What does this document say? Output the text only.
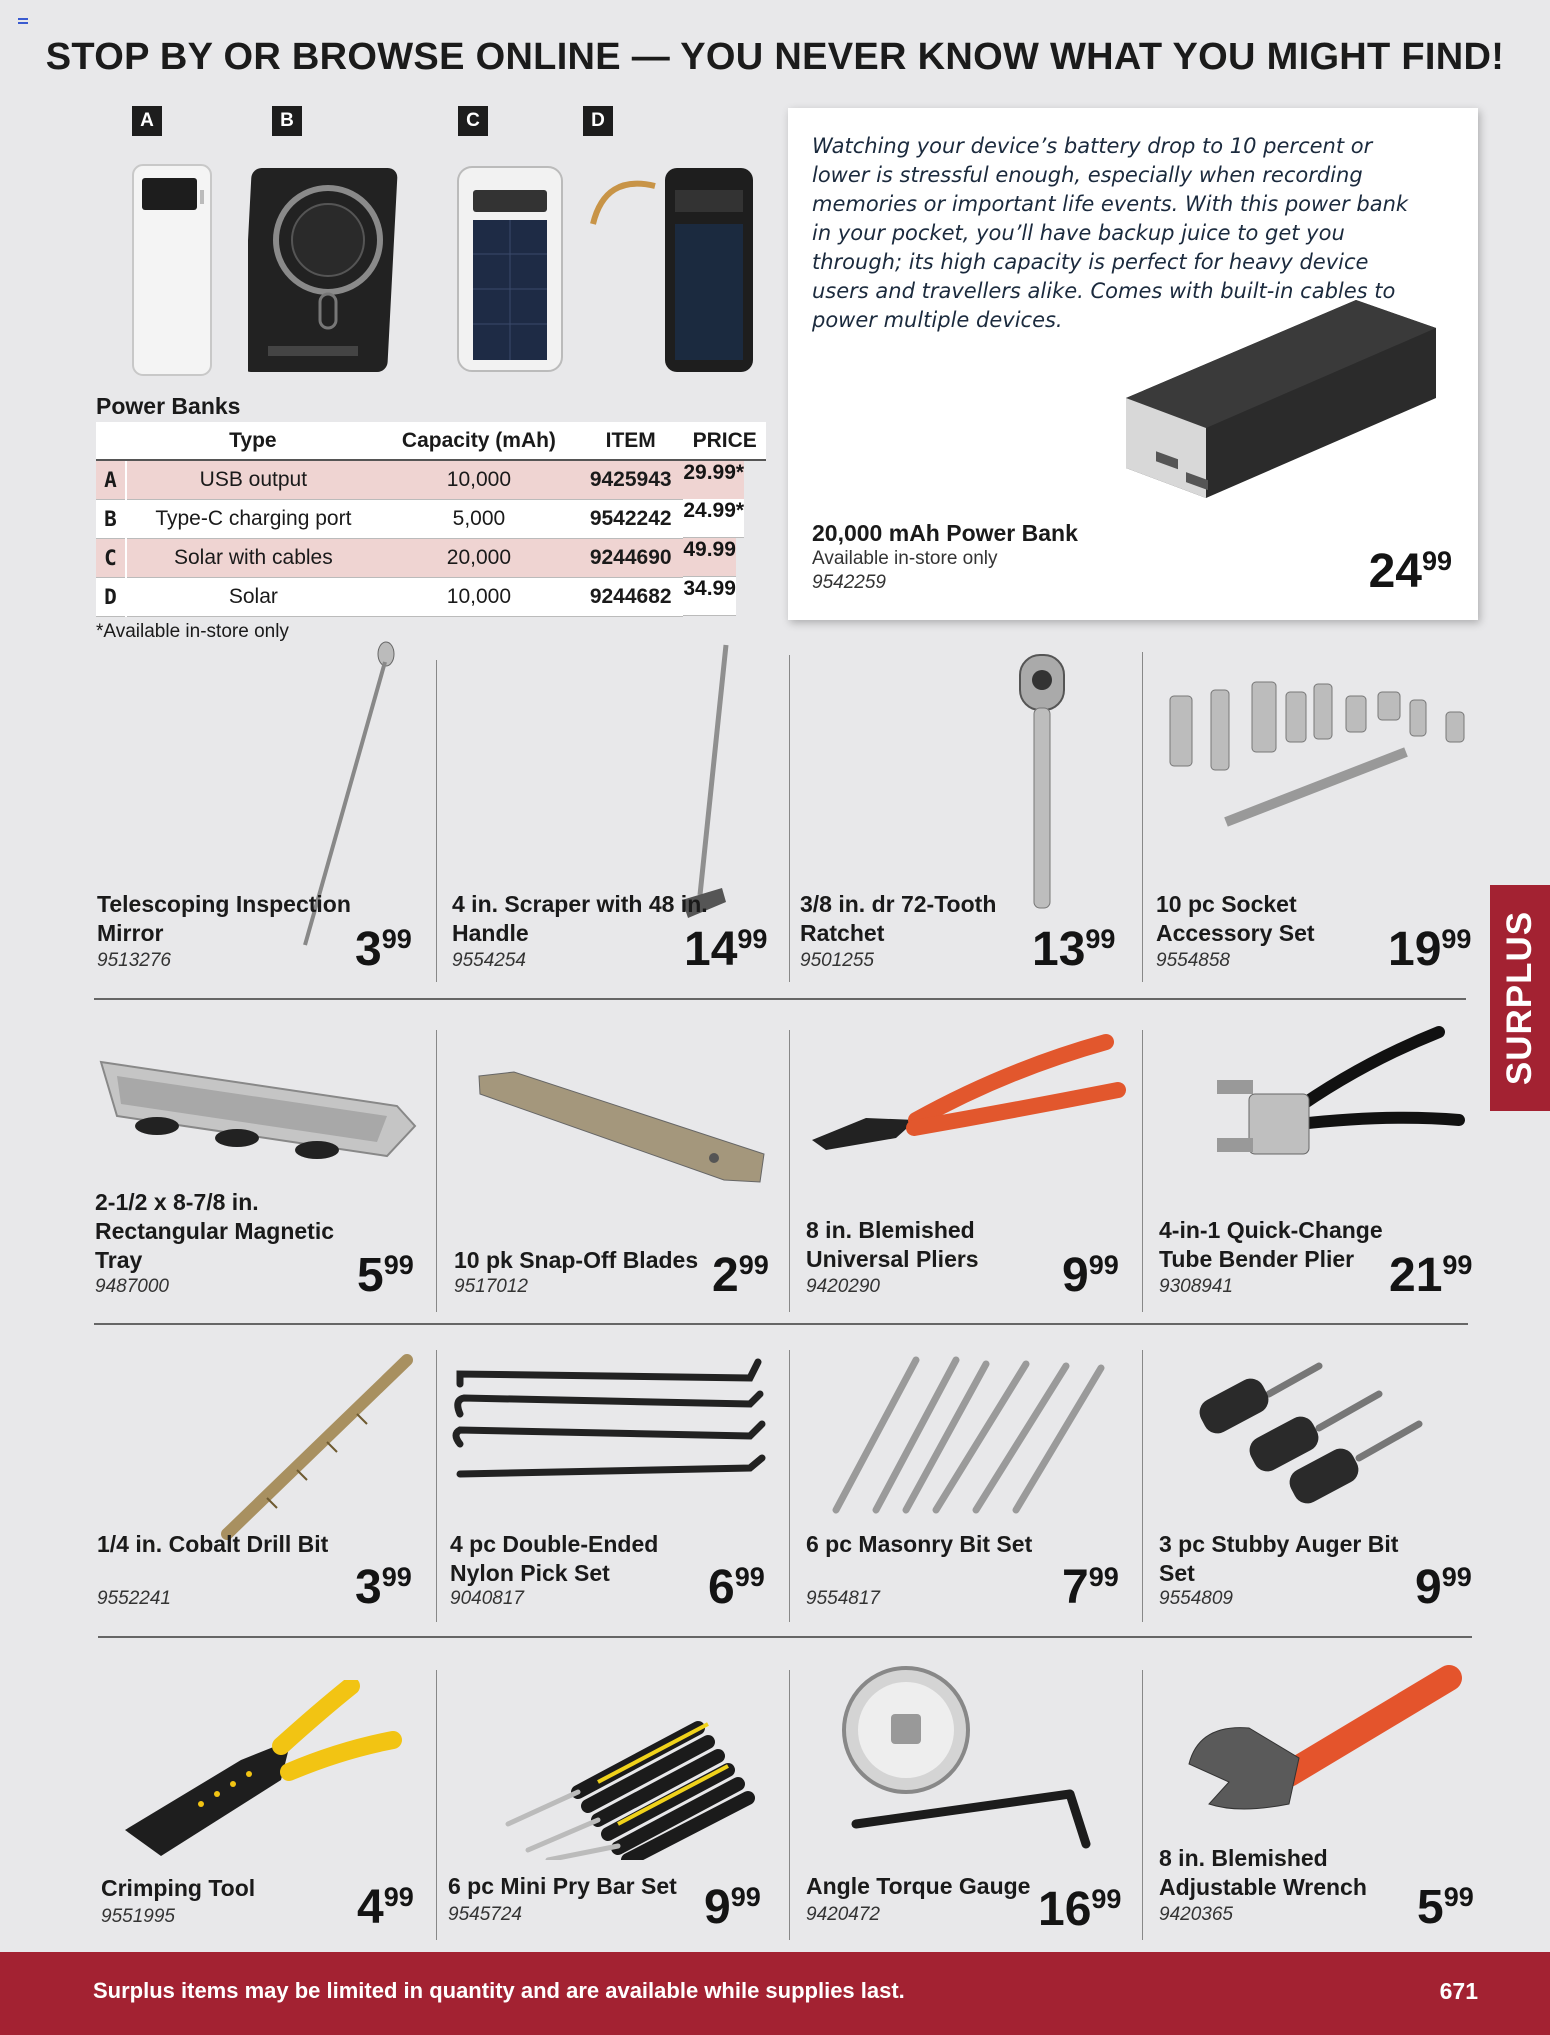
STOP BY OR BROWSE ONLINE — YOU NEVER KNOW WHAT YOU MIGHT FIND!
A	B	C	D
Power Banks
	Type	Capacity (mAh)	ITEM	PRICE
A	USB output	10,000	9425943	29.99*

B	Type-C charging port	5,000	9542242	24.99*

C	Solar with cables	20,000	9244690	49.99

D	Solar	10,000	9244682	34.99
*Available in-store only

Watching your device’s battery drop to 10 percent or lower is stressful enough, especially when recording memories or important life events. With this power bank in your pocket, you’ll have backup juice to get you through; its high capacity is perfect for heavy device users and travellers alike. Comes with built-in cables to power multiple devices.

20,000 mAh Power Bank
Available in-store only
9542259	2499
Telescoping Inspection Mirror
9513276	399
4 in. Scraper with 48 in. Handle
9554254	1499
3/8 in. dr 72-Tooth Ratchet
9501255	1399
10 pc Socket Accessory Set
9554858	1999
2-1/2 x 8-7/8 in. Rectangular Magnetic Tray
9487000	599 10 pk Snap-Off Blades
9517012	299
8 in. Blemished Universal Pliers
9420290	999
4-in-1 Quick-Change Tube Bender Plier
9308941	2199
1/4 in. Cobalt Drill Bit
9552241	399
4 pc Double-Ended Nylon Pick Set
9040817	699
6 pc Masonry Bit Set
9554817	799
3 pc Stubby Auger Bit Set
9554809	999
Crimping Tool
9551995	499 6 pc Mini Pry Bar Set
9545724	999 Angle Torque Gauge
9420472	1699
8 in. Blemished Adjustable Wrench
9420365	599
SURPLUS
Surplus items may be limited in quantity and are available while supplies last.	671
